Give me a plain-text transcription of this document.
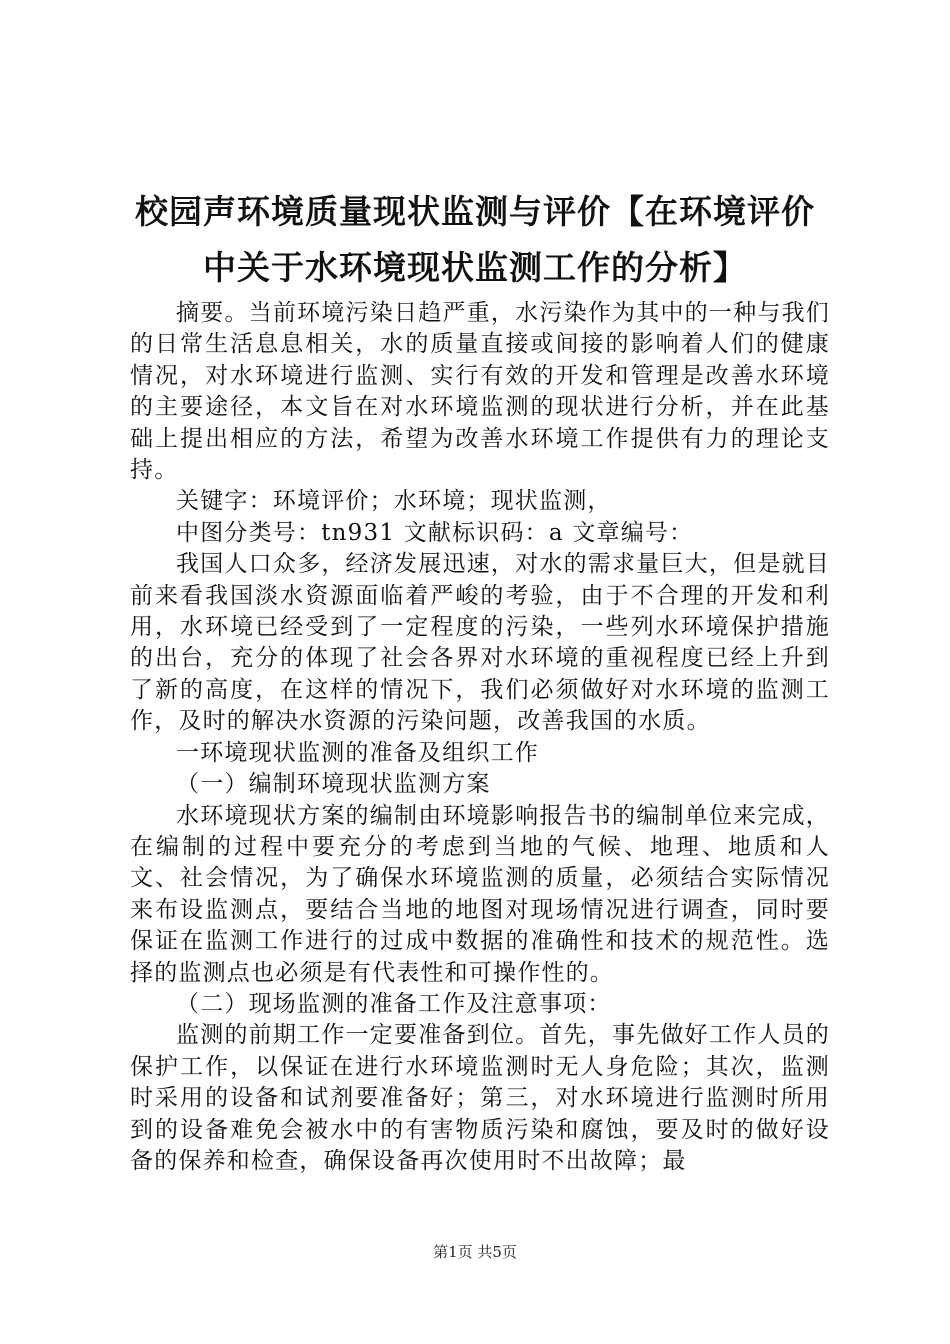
校园声环境质量现状监测与评价【在环境评价
中关于水环境现状监测工作的分析】

摘要。当前环境污染日趋严重，水污染作为其中的一种与我们的日常生活息息相关，水的质量直接或间接的影响着人们的健康情况，对水环境进行监测、实行有效的开发和管理是改善水环境的主要途径，本文旨在对水环境监测的现状进行分析，并在此基础上提出相应的方法，希望为改善水环境工作提供有力的理论支持。

关键字：环境评价；水环境；现状监测，

中图分类号：tn931 文献标识码：a 文章编号：

我国人口众多，经济发展迅速，对水的需求量巨大，但是就目前来看我国淡水资源面临着严峻的考验，由于不合理的开发和利用，水环境已经受到了一定程度的污染，一些列水环境保护措施的出台，充分的体现了社会各界对水环境的重视程度已经上升到了新的高度，在这样的情况下，我们必须做好对水环境的监测工作，及时的解决水资源的污染问题，改善我国的水质。

一环境现状监测的准备及组织工作

（一）编制环境现状监测方案

水环境现状方案的编制由环境影响报告书的编制单位来完成，在编制的过程中要充分的考虑到当地的气候、地理、地质和人文、社会情况，为了确保水环境监测的质量，必须结合实际情况来布设监测点，要结合当地的地图对现场情况进行调查，同时要保证在监测工作进行的过成中数据的准确性和技术的规范性。选择的监测点也必须是有代表性和可操作性的。

（二）现场监测的准备工作及注意事项：

监测的前期工作一定要准备到位。首先，事先做好工作人员的保护工作，以保证在进行水环境监测时无人身危险；其次，监测时采用的设备和试剂要准备好；第三，对水环境进行监测时所用到的设备难免会被水中的有害物质污染和腐蚀，要及时的做好设备的保养和检查，确保设备再次使用时不出故障；最

第1页 共5页
